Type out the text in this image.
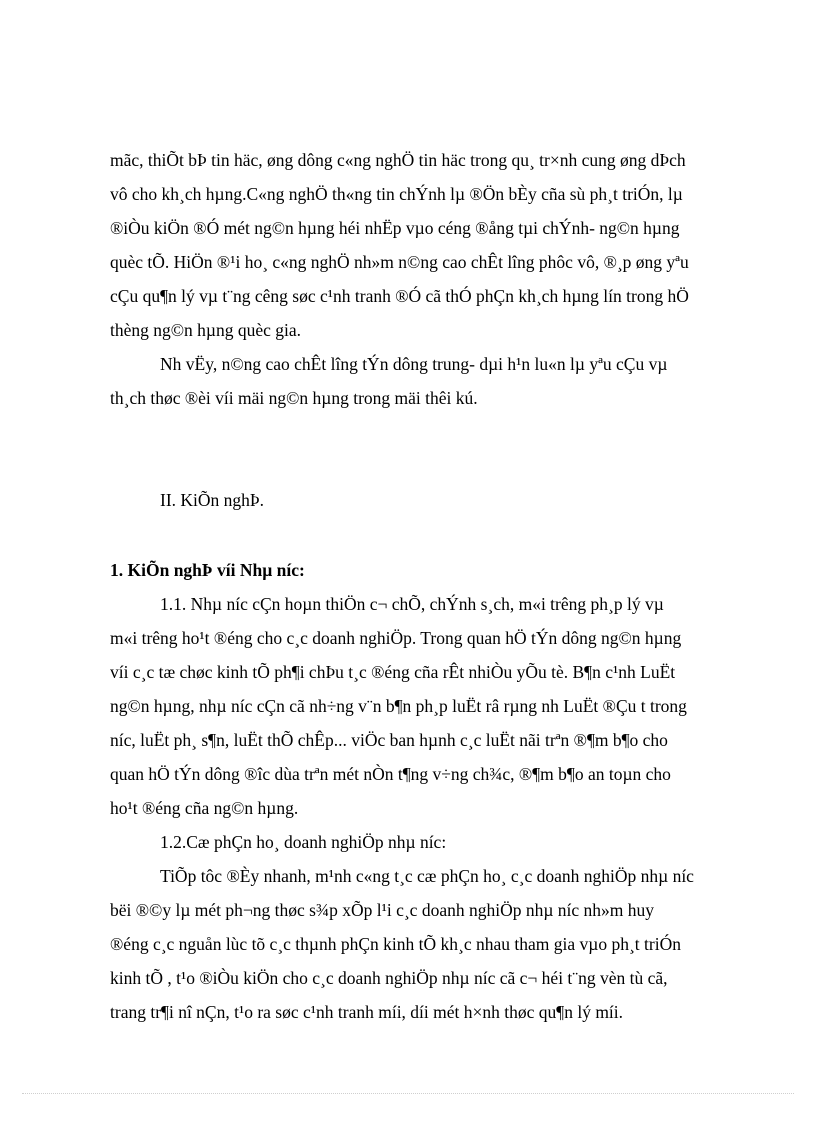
mãc, thiÕt bÞ tin häc, øng dông c«ng nghÖ tin häc trong qu¸ tr×nh cung øng dÞch

vô cho kh¸ch hµng.C«ng nghÖ th«ng tin chÝnh lµ ®Ön bÈy cña sù ph¸t triÓn, lµ

®iÒu kiÖn ®Ó mét ng©n hµng héi nhËp vµo céng ®ång tµi chÝnh- ng©n hµng

quèc tÕ. HiÖn ®¹i ho¸ c«ng nghÖ nh»m n©ng cao chÊt lîng phôc vô, ®¸p øng yªu

cÇu qu¶n lý vµ t¨ng cêng søc c¹nh tranh ®Ó cã thÓ phÇn kh¸ch hµng lín trong hÖ

thèng ng©n hµng quèc gia.

Nh vËy, n©ng cao chÊt lîng tÝn dông trung- dµi h¹n lu«n lµ yªu cÇu vµ

th¸ch thøc ®èi víi mäi ng©n hµng trong mäi thêi kú.

II. KiÕn nghÞ.

1. KiÕn nghÞ víi Nhµ níc:

1.1. Nhµ níc cÇn hoµn thiÖn c¬ chÕ, chÝnh s¸ch, m«i trêng ph¸p lý vµ

m«i trêng ho¹t ®éng cho c¸c doanh nghiÖp. Trong quan hÖ tÝn dông ng©n hµng

víi c¸c tæ chøc kinh tÕ ph¶i chÞu t¸c ®éng cña rÊt nhiÒu yÕu tè. B¶n c¹nh LuËt

ng©n hµng, nhµ níc cÇn cã nh÷ng v¨n b¶n ph¸p luËt râ rµng nh LuËt ®Çu t trong

níc, luËt ph¸ s¶n, luËt thÕ chÊp... viÖc ban hµnh c¸c luËt nãi trªn ®¶m b¶o cho

quan hÖ tÝn dông ®îc dùa trªn mét nÒn t¶ng v÷ng ch¾c, ®¶m b¶o an toµn cho

ho¹t ®éng cña ng©n hµng.

1.2.Cæ phÇn ho¸ doanh nghiÖp nhµ níc:

TiÕp tôc ®Èy nhanh, m¹nh c«ng t¸c cæ phÇn ho¸ c¸c doanh nghiÖp nhµ níc

bëi ®©y lµ mét ph¬ng thøc s¾p xÕp l¹i c¸c doanh nghiÖp nhµ níc nh»m huy

®éng c¸c nguån lùc tõ c¸c thµnh phÇn kinh tÕ kh¸c nhau tham gia vµo ph¸t triÓn

kinh tÕ , t¹o ®iÒu kiÖn cho c¸c doanh nghiÖp nhµ níc cã c¬ héi t¨ng vèn tù cã,

trang tr¶i nî nÇn, t¹o ra søc c¹nh tranh míi, díi mét h×nh thøc qu¶n lý míi.
